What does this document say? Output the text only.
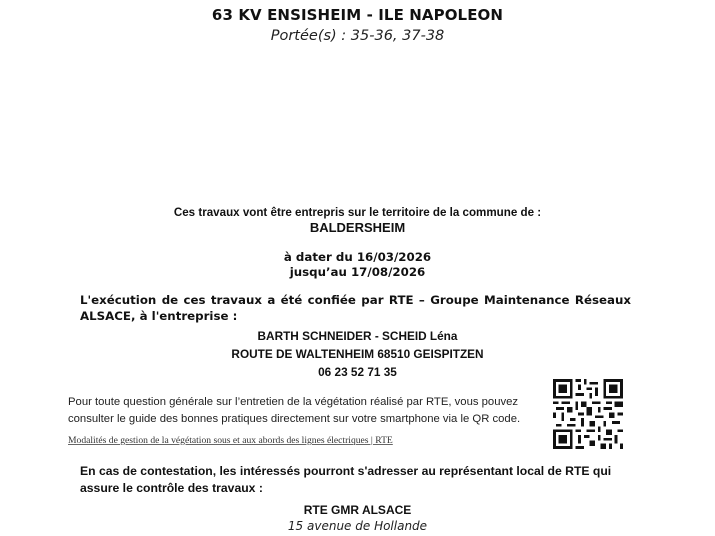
63 KV ENSISHEIM - ILE NAPOLEON
Portée(s) : 35-36, 37-38
Ces travaux vont être entrepris sur le territoire de la commune de :
BALDERSHEIM
à dater du 16/03/2026
jusqu’au 17/08/2026
L'exécution de ces travaux a été confiée par RTE – Groupe Maintenance Réseaux ALSACE, à l'entreprise :
BARTH SCHNEIDER - SCHEID Léna
ROUTE DE WALTENHEIM 68510 GEISPITZEN
06 23 52 71 35
Pour toute question générale sur l’entretien de la végétation réalisé par RTE, vous pouvez consulter le guide des bonnes pratiques directement sur votre smartphone via le QR code.
Modalités de gestion de la végétation sous et aux abords des lignes électriques | RTE
En cas de contestation, les intéressés pourront s'adresser au représentant local de RTE qui assure le contrôle des travaux :
RTE GMR ALSACE
15 avenue de Hollande
